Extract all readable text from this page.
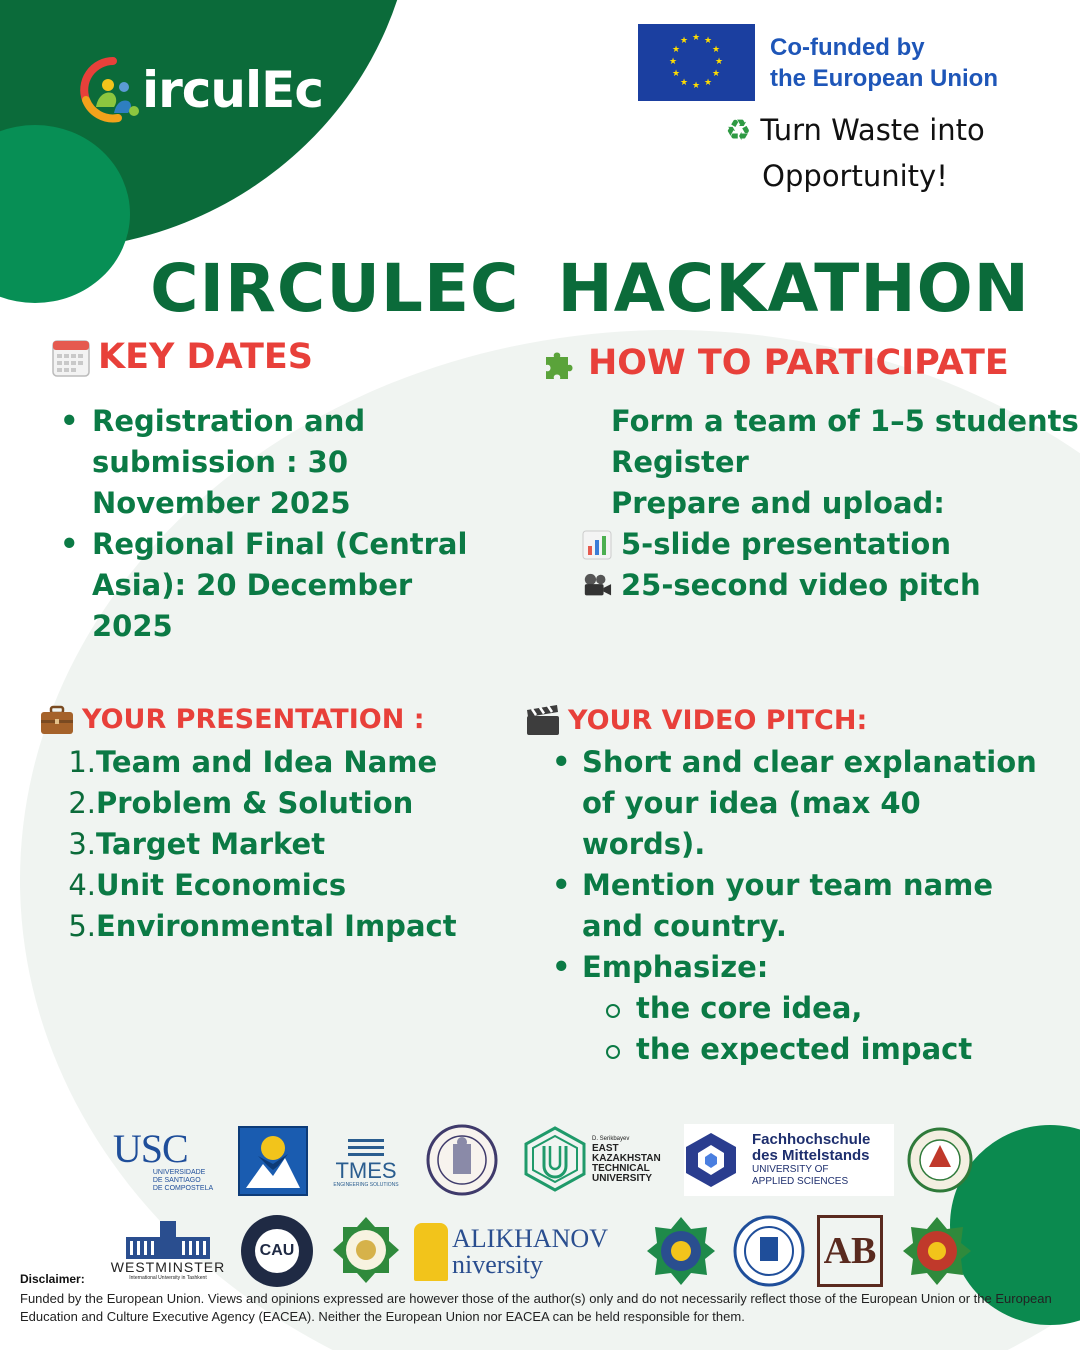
irculEc
★ ★
★
★
★
★
★
★
★
★
★
★	Co-funded by
the European Union
♻ Turn Waste into Opportunity!
CIRCULEC HACKATHON
KEY DATES
• Registration and submission : 30 November 2025
• Regional Final (Central Asia): 20 December 2025
HOW TO PARTICIPATE
Form a team of 1–5 students
Register
Prepare and upload:
5-slide presentation
25-second video pitch
YOUR PRESENTATION :
1. Team and Idea Name
2. Problem & Solution
3. Target Market
4. Unit Economics
5. Environmental Impact
YOUR VIDEO PITCH:
• Short and clear explanation of your idea (max 40 words).
• Mention your team name and country.
• Emphasize:
the core idea,
the expected impact
USC
UNIVERSIDADE
DE SANTIAGO
DE COMPOSTELA
TMES
ENGINEERING SOLUTIONS
D. Serikbayev
EAST
KAZAKHSTAN
TECHNICAL
UNIVERSITY
Fachhochschule
des Mittelstands
UNIVERSITY OF
APPLIED SCIENCES
WESTMINSTER
International University in Tashkent
CAU	ALIKHANOV
niversity	AB
Disclaimer:

Funded by the European Union. Views and opinions expressed are however those of the author(s) only and do not necessarily reflect those of the European Union or the European Education and Culture Executive Agency (EACEA). Neither the European Union nor EACEA can be held responsible for them.
